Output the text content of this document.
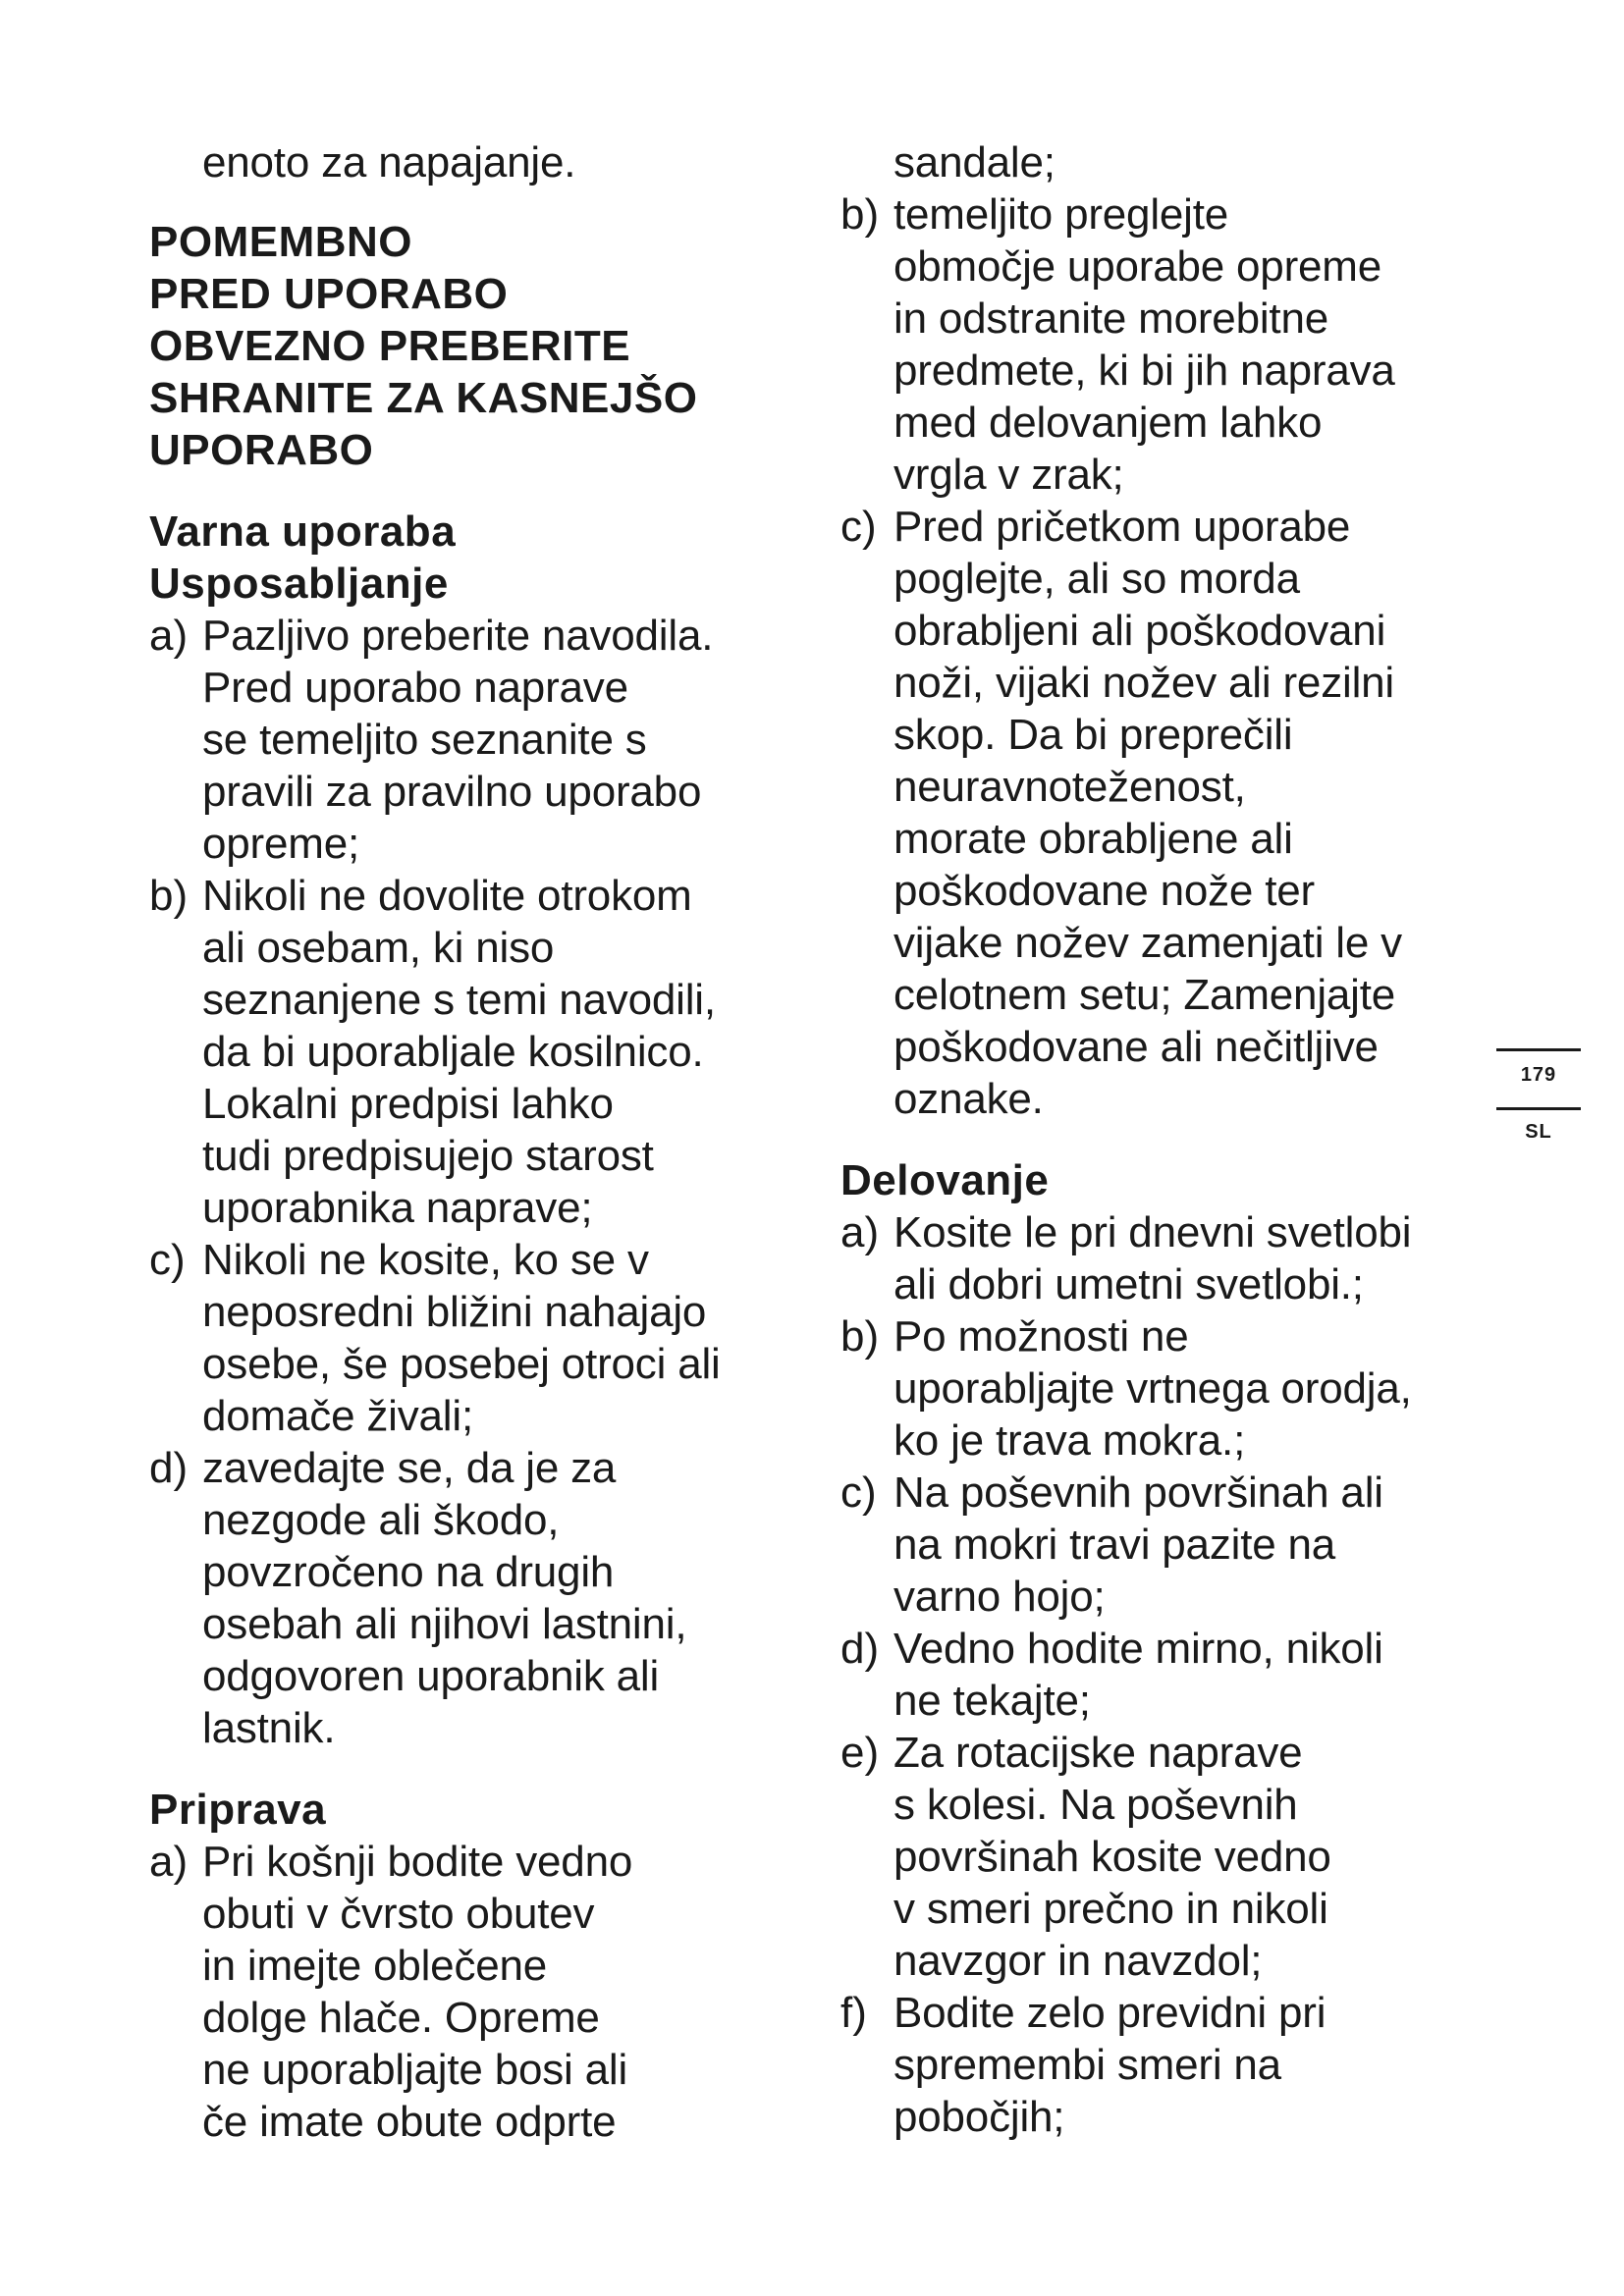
enoto za napajanje.
POMEMBNO
PRED UPORABO
OBVEZNO PREBERITE
SHRANITE ZA KASNEJŠO
UPORABO
Varna uporaba
Usposabljanje
a) Pazljivo preberite navodila.
Pred uporabo naprave
se temeljito seznanite s
pravili za pravilno uporabo
opreme;
b) Nikoli ne dovolite otrokom
ali osebam, ki niso
seznanjene s temi navodili,
da bi uporabljale kosilnico.
Lokalni predpisi lahko
tudi predpisujejo starost
uporabnika naprave;
c) Nikoli ne kosite, ko se v
neposredni bližini nahajajo
osebe, še posebej otroci ali
domače živali;
d) zavedajte se, da je za
nezgode ali škodo,
povzročeno na drugih
osebah ali njihovi lastnini,
odgovoren uporabnik ali
lastnik.
Priprava
a) Pri košnji bodite vedno
obuti v čvrsto obutev
in imejte oblečene
dolge hlače. Opreme
ne uporabljajte bosi ali
če imate obute odprte
sandale;
b) temeljito preglejte
območje uporabe opreme
in odstranite morebitne
predmete, ki bi jih naprava
med delovanjem lahko
vrgla v zrak;
c) Pred pričetkom uporabe
poglejte, ali so morda
obrabljeni ali poškodovani
noži, vijaki nožev ali rezilni
skop. Da bi preprečili
neuravnoteženost,
morate obrabljene ali
poškodovane nože ter
vijake nožev zamenjati le v
celotnem setu; Zamenjajte
poškodovane ali nečitljive
oznake.
Delovanje
a) Kosite le pri dnevni svetlobi
ali dobri umetni svetlobi.;
b) Po možnosti ne
uporabljajte vrtnega orodja,
ko je trava mokra.;
c) Na poševnih površinah ali
na mokri travi pazite na
varno hojo;
d) Vedno hodite mirno, nikoli
ne tekajte;
e) Za rotacijske naprave
s kolesi. Na poševnih
površinah kosite vedno
v smeri prečno in nikoli
navzgor in navzdol;
f) Bodite zelo previdni pri
spremembi smeri na
pobočjih;
179
SL
